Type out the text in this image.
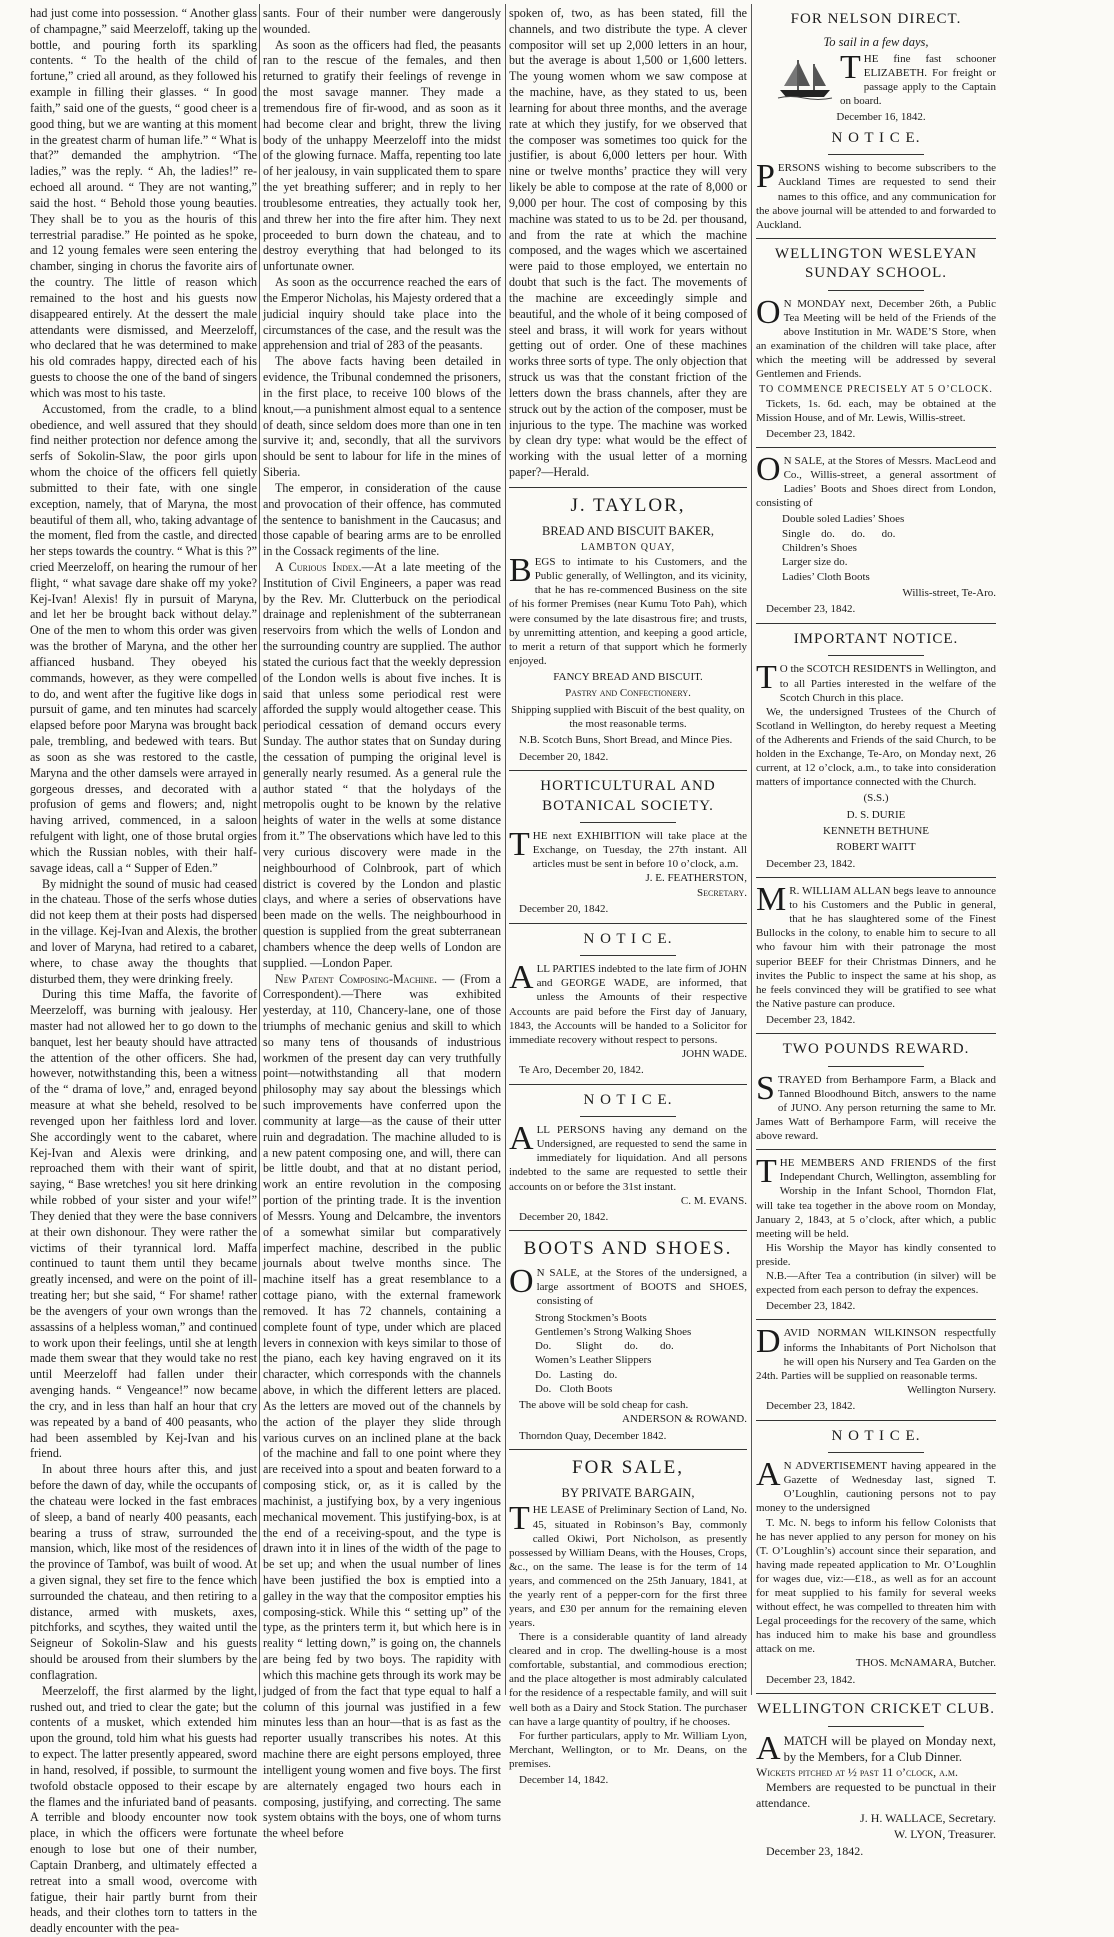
had just come into possession. “ Another glass of champagne,” said Meerzeloff, taking up the bottle, and pouring forth its sparkling contents. “ To the health of the child of fortune,” cried all around, as they followed his example in filling their glasses. “ In good faith,” said one of the guests, “ good cheer is a good thing, but we are wanting at this moment in the greatest charm of human life.” “ What is that?” demanded the amphytrion. “The ladies,” was the reply. “ Ah, the ladies!” re-echoed all around. “ They are not wanting,” said the host. “ Behold those young beauties. They shall be to you as the houris of this terrestrial paradise.” He pointed as he spoke, and 12 young females were seen entering the chamber, singing in chorus the favorite airs of the country. The little of reason which remained to the host and his guests now disappeared entirely. At the dessert the male attendants were dismissed, and Meerzeloff, who declared that he was determined to make his old comrades happy, directed each of his guests to choose the one of the band of singers which was most to his taste.

Accustomed, from the cradle, to a blind obedience, and well assured that they should find neither protection nor defence among the serfs of Sokolin-Slaw, the poor girls upon whom the choice of the officers fell quietly submitted to their fate, with one single exception, namely, that of Maryna, the most beautiful of them all, who, taking advantage of the moment, fled from the castle, and directed her steps towards the country. “ What is this ?” cried Meerzeloff, on hearing the rumour of her flight, “ what savage dare shake off my yoke? Kej-Ivan! Alexis! fly in pursuit of Maryna, and let her be brought back without delay.” One of the men to whom this order was given was the brother of Maryna, and the other her affianced husband. They obeyed his commands, however, as they were compelled to do, and went after the fugitive like dogs in pursuit of game, and ten minutes had scarcely elapsed before poor Maryna was brought back pale, trembling, and bedewed with tears. But as soon as she was restored to the castle, Maryna and the other damsels were arrayed in gorgeous dresses, and decorated with a profusion of gems and flowers; and, night having arrived, commenced, in a saloon refulgent with light, one of those brutal orgies which the Russian nobles, with their half-savage ideas, call a “ Supper of Eden.”

By midnight the sound of music had ceased in the chateau. Those of the serfs whose duties did not keep them at their posts had dispersed in the village. Kej-Ivan and Alexis, the brother and lover of Maryna, had retired to a cabaret, where, to chase away the thoughts that disturbed them, they were drinking freely.

During this time Maffa, the favorite of Meerzeloff, was burning with jealousy. Her master had not allowed her to go down to the banquet, lest her beauty should have attracted the attention of the other officers. She had, however, notwithstanding this, been a witness of the “ drama of love,” and, enraged beyond measure at what she beheld, resolved to be revenged upon her faithless lord and lover. She accordingly went to the cabaret, where Kej-Ivan and Alexis were drinking, and reproached them with their want of spirit, saying, “ Base wretches! you sit here drinking while robbed of your sister and your wife!” They denied that they were the base connivers at their own dishonour. They were rather the victims of their tyrannical lord. Maffa continued to taunt them until they became greatly incensed, and were on the point of ill-treating her; but she said, “ For shame! rather be the avengers of your own wrongs than the assassins of a helpless woman,” and continued to work upon their feelings, until she at length made them swear that they would take no rest until Meerzeloff had fallen under their avenging hands. “ Vengeance!” now became the cry, and in less than half an hour that cry was repeated by a band of 400 peasants, who had been assembled by Kej-Ivan and his friend.

In about three hours after this, and just before the dawn of day, while the occupants of the chateau were locked in the fast embraces of sleep, a band of nearly 400 peasants, each bearing a truss of straw, surrounded the mansion, which, like most of the residences of the province of Tambof, was built of wood. At a given signal, they set fire to the fence which surrounded the chateau, and then retiring to a distance, armed with muskets, axes, pitchforks, and scythes, they waited until the Seigneur of Sokolin-Slaw and his guests should be aroused from their slumbers by the conflagration.

Meerzeloff, the first alarmed by the light, rushed out, and tried to clear the gate; but the contents of a musket, which extended him upon the ground, told him what his guests had to expect. The latter presently appeared, sword in hand, resolved, if possible, to surmount the twofold obstacle opposed to their escape by the flames and the infuriated band of peasants. A terrible and bloody encounter now took place, in which the officers were fortunate enough to lose but one of their number, Captain Dranberg, and ultimately effected a retreat into a small wood, overcome with fatigue, their hair partly burnt from their heads, and their clothes torn to tatters in the deadly encounter with the pea-

sants. Four of their number were dangerously wounded.

As soon as the officers had fled, the peasants ran to the rescue of the females, and then returned to gratify their feelings of revenge in the most savage manner. They made a tremendous fire of fir-wood, and as soon as it had become clear and bright, threw the living body of the unhappy Meerzeloff into the midst of the glowing furnace. Maffa, repenting too late of her jealousy, in vain supplicated them to spare the yet breathing sufferer; and in reply to her troublesome entreaties, they actually took her, and threw her into the fire after him. They next proceeded to burn down the chateau, and to destroy everything that had belonged to its unfortunate owner.

As soon as the occurrence reached the ears of the Emperor Nicholas, his Majesty ordered that a judicial inquiry should take place into the circumstances of the case, and the result was the apprehension and trial of 283 of the peasants.

The above facts having been detailed in evidence, the Tribunal condemned the prisoners, in the first place, to receive 100 blows of the knout,—a punishment almost equal to a sentence of death, since seldom does more than one in ten survive it; and, secondly, that all the survivors should be sent to labour for life in the mines of Siberia.

The emperor, in consideration of the cause and provocation of their offence, has commuted the sentence to banishment in the Caucasus; and those capable of bearing arms are to be enrolled in the Cossack regiments of the line.

A Curious Index.—At a late meeting of the Institution of Civil Engineers, a paper was read by the Rev. Mr. Clutterbuck on the periodical drainage and replenishment of the subterranean reservoirs from which the wells of London and the surrounding country are supplied. The author stated the curious fact that the weekly depression of the London wells is about five inches. It is said that unless some periodical rest were afforded the supply would altogether cease. This periodical cessation of demand occurs every Sunday. The author states that on Sunday during the cessation of pumping the original level is generally nearly resumed. As a general rule the author stated “ that the holydays of the metropolis ought to be known by the relative heights of water in the wells at some distance from it.” The observations which have led to this very curious discovery were made in the neighbourhood of Colnbrook, part of which district is covered by the London and plastic clays, and where a series of observations have been made on the wells. The neighbourhood in question is supplied from the great subterranean chambers whence the deep wells of London are supplied. —London Paper.

New Patent Composing-Machine. — (From a Correspondent).—There was exhibited yesterday, at 110, Chancery-lane, one of those triumphs of mechanic genius and skill to which so many tens of thousands of industrious workmen of the present day can very truthfully point—notwithstanding all that modern philosophy may say about the blessings which such improvements have conferred upon the community at large—as the cause of their utter ruin and degradation. The machine alluded to is a new patent composing one, and will, there can be little doubt, and that at no distant period, work an entire revolution in the composing portion of the printing trade. It is the invention of Messrs. Young and Delcambre, the inventors of a somewhat similar but comparatively imperfect machine, described in the public journals about twelve months since. The machine itself has a great resemblance to a cottage piano, with the external framework removed. It has 72 channels, containing a complete fount of type, under which are placed levers in connexion with keys similar to those of the piano, each key having engraved on it its character, which corresponds with the channels above, in which the different letters are placed. As the letters are moved out of the channels by the action of the player they slide through various curves on an inclined plane at the back of the machine and fall to one point where they are received into a spout and beaten forward to a composing stick, or, as it is called by the machinist, a justifying box, by a very ingenious mechanical movement. This justifying-box, is at the end of a receiving-spout, and the type is drawn into it in lines of the width of the page to be set up; and when the usual number of lines have been justified the box is emptied into a galley in the way that the compositor empties his composing-stick. While this “ setting up” of the type, as the printers term it, but which here is in reality “ letting down,” is going on, the channels are being fed by two boys. The rapidity with which this machine gets through its work may be judged of from the fact that type equal to half a column of this journal was justified in a few minutes less than an hour—that is as fast as the reporter usually transcribes his notes. At this machine there are eight persons employed, three intelligent young women and five boys. The first are alternately engaged two hours each in composing, justifying, and correcting. The same system obtains with the boys, one of whom turns the wheel before

spoken of, two, as has been stated, fill the channels, and two distribute the type. A clever compositor will set up 2,000 letters in an hour, but the average is about 1,500 or 1,600 letters. The young women whom we saw compose at the machine, have, as they stated to us, been learning for about three months, and the average rate at which they justify, for we observed that the composer was sometimes too quick for the justifier, is about 6,000 letters per hour. With nine or twelve months’ practice they will very likely be able to compose at the rate of 8,000 or 9,000 per hour. The cost of composing by this machine was stated to us to be 2d. per thousand, and from the rate at which the machine composed, and the wages which we ascertained were paid to those employed, we entertain no doubt that such is the fact. The movements of the machine are exceedingly simple and beautiful, and the whole of it being composed of steel and brass, it will work for years without getting out of order. One of these machines works three sorts of type. The only objection that struck us was that the constant friction of the letters down the brass channels, after they are struck out by the action of the composer, must be injurious to the type. The machine was worked by clean dry type: what would be the effect of working with the usual letter of a morning paper?—Herald.

J. TAYLOR,
BREAD AND BISCUIT BAKER,
LAMBTON QUAY,
BEGS to intimate to his Customers, and the Public generally, of Wellington, and its vicinity, that he has re-commenced Business on the site of his former Premises (near Kumu Toto Pah), which were consumed by the late disastrous fire; and trusts, by unremitting attention, and keeping a good article, to merit a return of that support which he formerly enjoyed.
FANCY BREAD AND BISCUIT.
Pastry and Confectionery.
Shipping supplied with Biscuit of the best quality, on the most reasonable terms.
N.B. Scotch Buns, Short Bread, and Mince Pies.
December 20, 1842.
HORTICULTURAL AND BOTANICAL SOCIETY.
THE next EXHIBITION will take place at the Exchange, on Tuesday, the 27th instant. All articles must be sent in before 10 o’clock, a.m.
J. E. FEATHERSTON,
Secretary.
December 20, 1842.
N O T I C E.
ALL PARTIES indebted to the late firm of JOHN and GEORGE WADE, are informed, that unless the Amounts of their respective Accounts are paid before the First day of January, 1843, the Accounts will be handed to a Solicitor for immediate recovery without respect to persons.
JOHN WADE.
Te Aro, December 20, 1842.
N O T I C E.
ALL PERSONS having any demand on the Undersigned, are requested to send the same in immediately for liquidation. And all persons indebted to the same are requested to settle their accounts on or before the 31st instant.
C. M. EVANS.
December 20, 1842.
BOOTS AND SHOES.
O N SALE, at the Stores of the undersigned, a large assortment of BOOTS and SHOES, consisting of
Strong Stockmen’s Boots
Gentlemen’s Strong Walking Shoes
Do.         Slight        do.        do.
Women’s Leather Slippers
Do.   Lasting    do.
Do.   Cloth Boots
The above will be sold cheap for cash.
ANDERSON & ROWAND.
Thorndon Quay, December 1842.
FOR SALE,
BY PRIVATE BARGAIN,
THE LEASE of Preliminary Section of Land, No. 45, situated in Robinson’s Bay, commonly called Okiwi, Port Nicholson, as presently possessed by William Deans, with the Houses, Crops, &c., on the same. The lease is for the term of 14 years, and commenced on the 25th January, 1841, at the yearly rent of a pepper-corn for the first three years, and £30 per annum for the remaining eleven years.
There is a considerable quantity of land already cleared and in crop. The dwelling-house is a most comfortable, substantial, and commodious erection; and the place altogether is most admirably calculated for the residence of a respectable family, and will suit well both as a Dairy and Stock Station. The purchaser can have a large quantity of poultry, if he chooses.
For further particulars, apply to Mr. William Lyon, Merchant, Wellington, or to Mr. Deans, on the premises.
December 14, 1842.
FOR NELSON DIRECT.
To sail in a few days,
THE fine fast schooner ELIZABETH. For freight or passage apply to the Captain on board.
December 16, 1842.
N O T I C E.
PERSONS wishing to become subscribers to the Auckland Times are requested to send their names to this office, and any communication for the above journal will be attended to and forwarded to Auckland.
WELLINGTON WESLEYAN SUNDAY SCHOOL.
O N MONDAY next, December 26th, a Public Tea Meeting will be held of the Friends of the above Institution in Mr. WADE’S Store, when an examination of the children will take place, after which the meeting will be addressed by several Gentlemen and Friends.
TO COMMENCE PRECISELY AT 5 O’CLOCK.
Tickets, 1s. 6d. each, may be obtained at the Mission House, and of Mr. Lewis, Willis-street.
December 23, 1842.
O N SALE, at the Stores of Messrs. MacLeod and Co., Willis-street, a general assortment of Ladies’ Boots and Shoes direct from London, consisting of
Double soled Ladies’ Shoes
Single    do.      do.      do.
Children’s Shoes
Larger size do.
Ladies’ Cloth Boots
Willis-street, Te-Aro.
December 23, 1842.
IMPORTANT NOTICE.
T O the SCOTCH RESIDENTS in Wellington, and to all Parties interested in the welfare of the Scotch Church in this place.
We, the undersigned Trustees of the Church of Scotland in Wellington, do hereby request a Meeting of the Adherents and Friends of the said Church, to be holden in the Exchange, Te-Aro, on Monday next, 26 current, at 12 o’clock, a.m., to take into consideration matters of importance connected with the Church.
(S.S.)
D. S. DURIE
KENNETH BETHUNE
ROBERT WAITT
December 23, 1842.
M R. WILLIAM ALLAN begs leave to announce to his Customers and the Public in general, that he has slaughtered some of the Finest Bullocks in the colony, to enable him to secure to all who favour him with their patronage the most superior BEEF for their Christmas Dinners, and he invites the Public to inspect the same at his shop, as he feels convinced they will be gratified to see what the Native pasture can produce.
December 23, 1842.
TWO POUNDS REWARD.
STRAYED from Berhampore Farm, a Black and Tanned Bloodhound Bitch, answers to the name of JUNO. Any person returning the same to Mr. James Watt of Berhampore Farm, will receive the above reward.
THE MEMBERS AND FRIENDS of the first Independant Church, Wellington, assembling for Worship in the Infant School, Thorndon Flat, will take tea together in the above room on Monday, January 2, 1843, at 5 o’clock, after which, a public meeting will be held.
His Worship the Mayor has kindly consented to preside.
N.B.—After Tea a contribution (in silver) will be expected from each person to defray the expences.
December 23, 1842.
DAVID NORMAN WILKINSON respectfully informs the Inhabitants of Port Nicholson that he will open his Nursery and Tea Garden on the 24th. Parties will be supplied on reasonable terms.
Wellington Nursery.
December 23, 1842.
N O T I C E.
A N ADVERTISEMENT having appeared in the Gazette of Wednesday last, signed T. O’Loughlin, cautioning persons not to pay money to the undersigned
T. Mc. N. begs to inform his fellow Colonists that he has never applied to any person for money on his (T. O’Loughlin’s) account since their separation, and having made repeated application to Mr. O’Loughlin for wages due, viz:—£18., as well as for an account for meat supplied to his family for several weeks without effect, he was compelled to threaten him with Legal proceedings for the recovery of the same, which has induced him to make his base and groundless attack on me.
THOS. McNAMARA, Butcher.
December 23, 1842.
WELLINGTON CRICKET CLUB.
AMATCH will be played on Monday next, by the Members, for a Club Dinner.
Wickets pitched at ½ past 11 o’clock, a.m.
Members are requested to be punctual in their attendance.
J. H. WALLACE, Secretary.
W. LYON, Treasurer.
December 23, 1842.
